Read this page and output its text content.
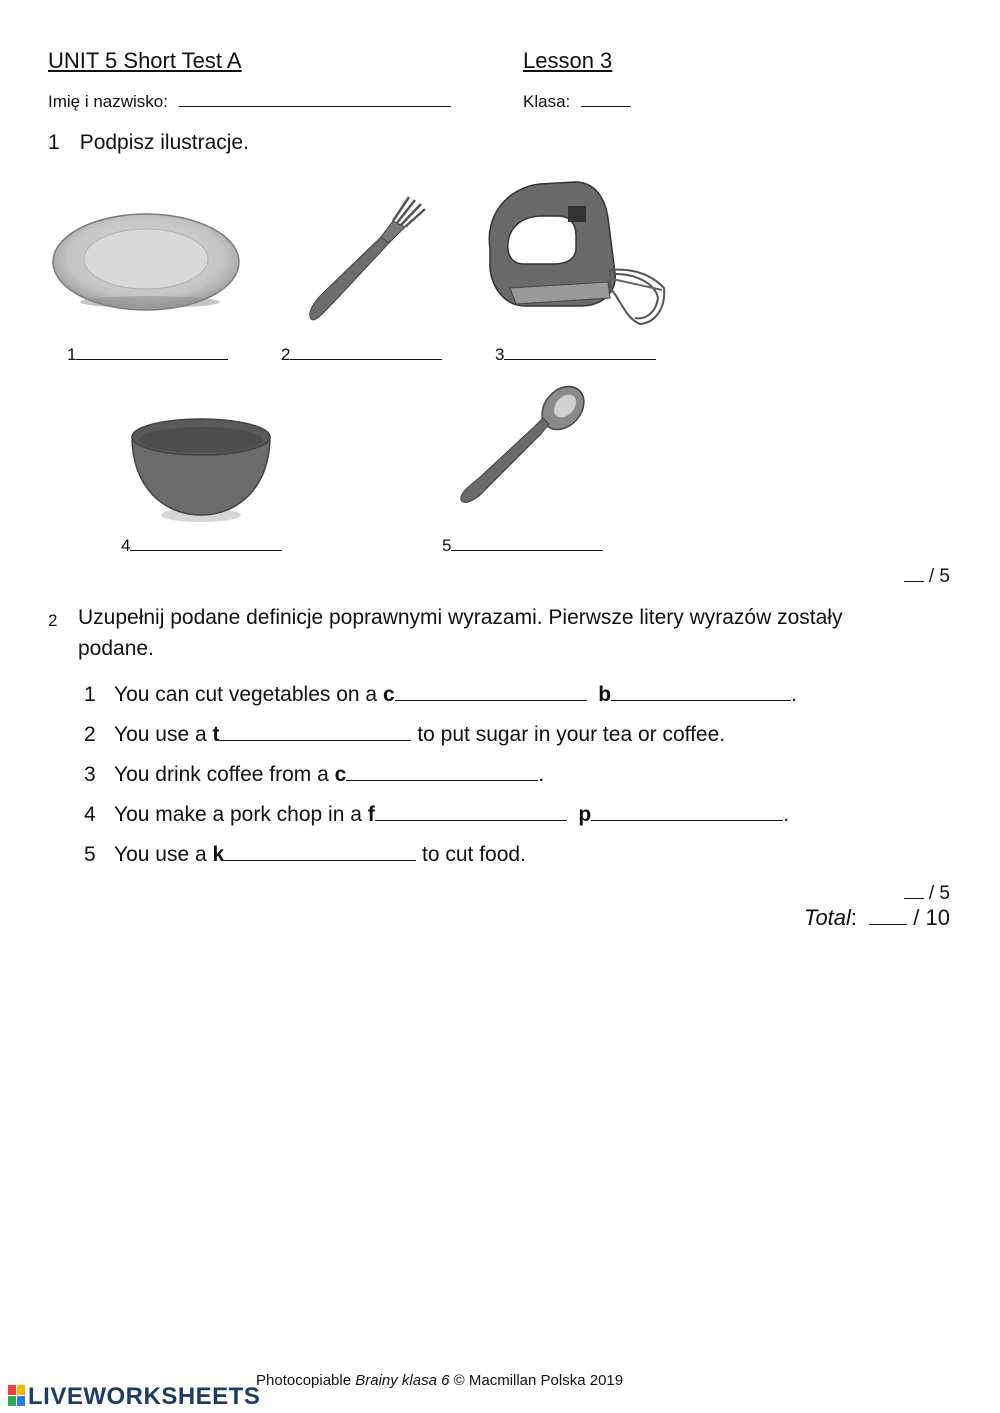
UNIT 5 Short Test A	Lesson 3
Imię i nazwisko:	Klasa:
1 Podpisz ilustracje.
1	2	3
4	5
/ 5
2 Uzupełnij podane definicje poprawnymi wyrazami. Pierwsze litery wyrazów zostały
podane.
1 You can cut vegetables on a c	b	.
2 You use a t	to put sugar in your tea or coffee.
3 You drink coffee from a c	.
4 You make a pork chop in a f	p	.
5 You use a k	to cut food.
/ 5
Total:	/ 10
Photocopiable Brainy klasa 6 © Macmillan Polska 2019
LIVEWORKSHEETS
